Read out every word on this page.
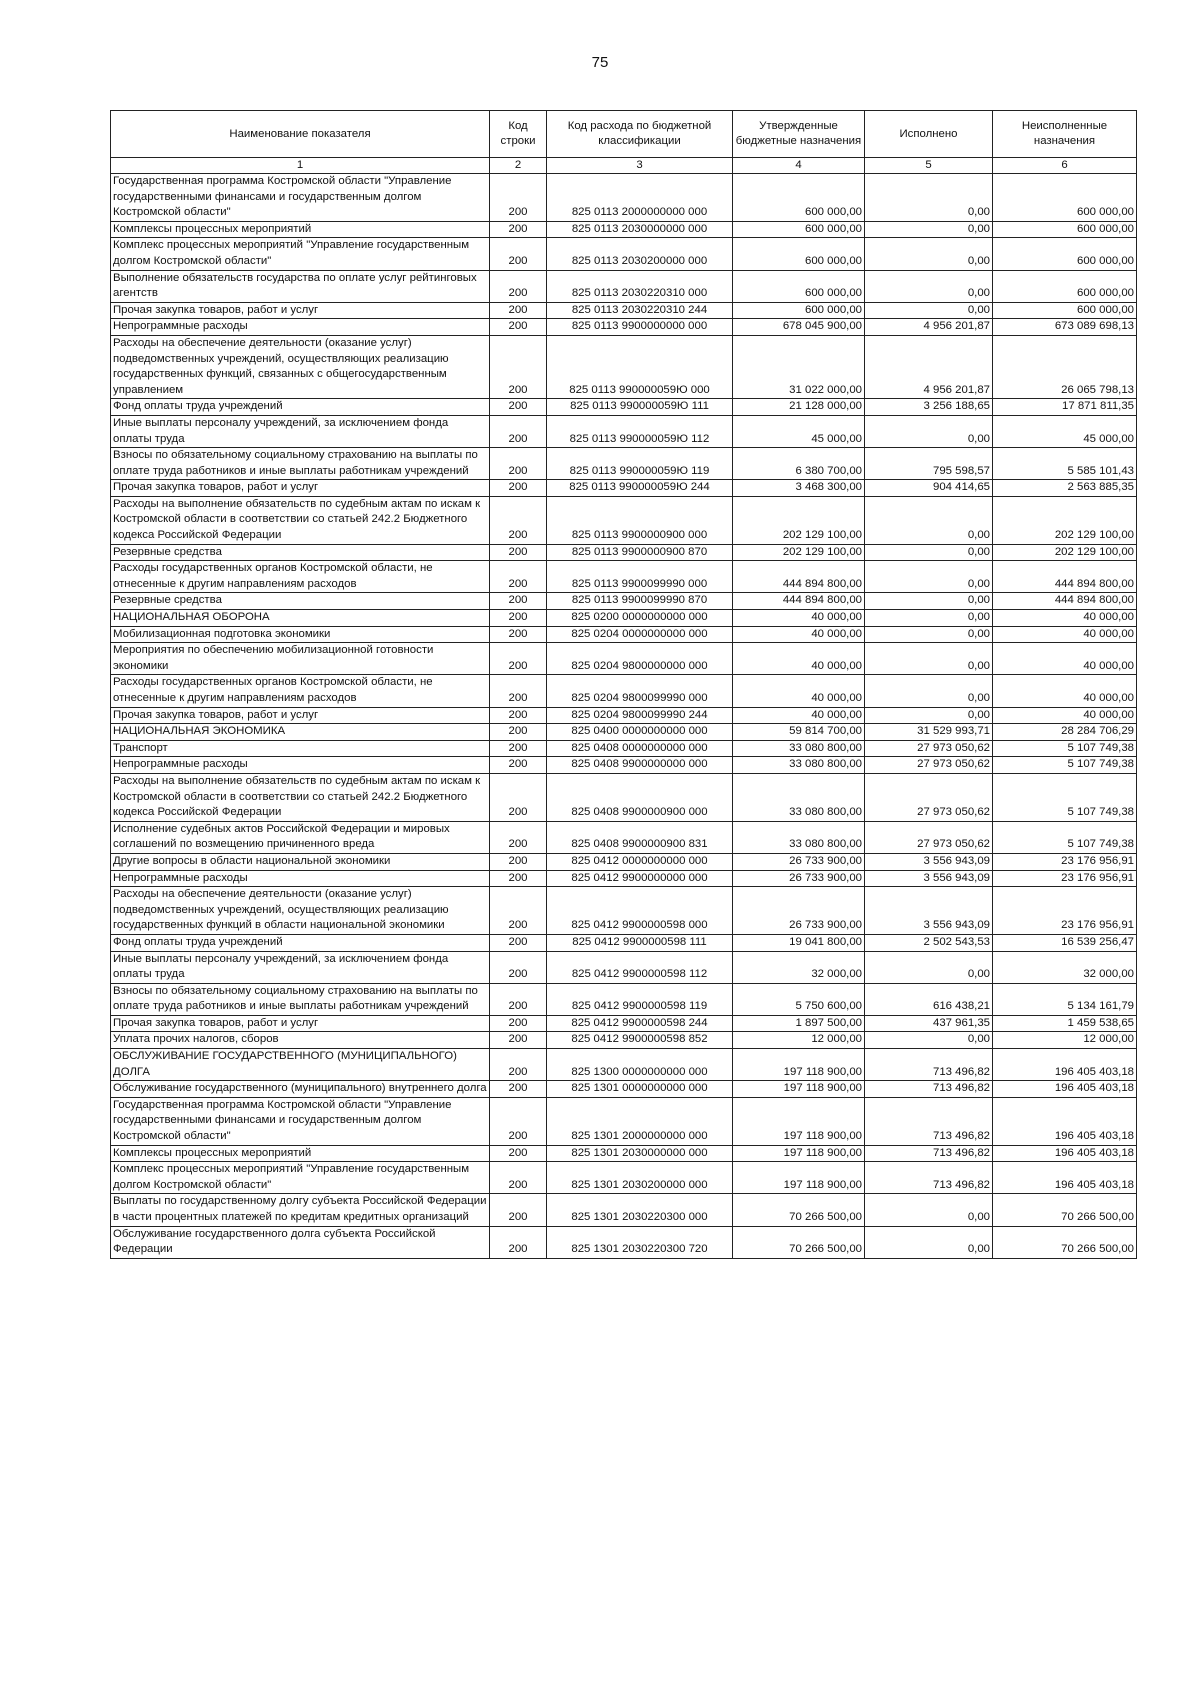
75
Наименование показателя	Код строки	Код расхода по бюджетной классификации	Утвержденные бюджетные назначения	Исполнено	Неисполненные назначения
1	2	3	4	5	6
Государственная программа Костромской области "Управление государственными финансами и государственным долгом Костромской области"	200	825 0113 2000000000 000	600 000,00	0,00	600 000,00
Комплексы процессных мероприятий	200	825 0113 2030000000 000	600 000,00	0,00	600 000,00
Комплекс процессных мероприятий "Управление государственным долгом Костромской области"	200	825 0113 2030200000 000	600 000,00	0,00	600 000,00
Выполнение обязательств государства по оплате услуг рейтинговых агентств	200	825 0113 2030220310 000	600 000,00	0,00	600 000,00
Прочая закупка товаров, работ и услуг	200	825 0113 2030220310 244	600 000,00	0,00	600 000,00
Непрограммные расходы	200	825 0113 9900000000 000	678 045 900,00	4 956 201,87	673 089 698,13
Расходы на обеспечение деятельности (оказание услуг) подведомственных учреждений, осуществляющих реализацию государственных функций, связанных с общегосударственным управлением	200	825 0113 990000059Ю 000	31 022 000,00	4 956 201,87	26 065 798,13
Фонд оплаты труда учреждений	200	825 0113 990000059Ю 111	21 128 000,00	3 256 188,65	17 871 811,35
Иные выплаты персоналу учреждений, за исключением фонда оплаты труда	200	825 0113 990000059Ю 112	45 000,00	0,00	45 000,00
Взносы по обязательному социальному страхованию на выплаты по оплате труда работников и иные выплаты работникам учреждений	200	825 0113 990000059Ю 119	6 380 700,00	795 598,57	5 585 101,43
Прочая закупка товаров, работ и услуг	200	825 0113 990000059Ю 244	3 468 300,00	904 414,65	2 563 885,35
Расходы на выполнение обязательств по судебным актам по искам к Костромской области в соответствии со статьей 242.2 Бюджетного кодекса Российской Федерации	200	825 0113 9900000900 000	202 129 100,00	0,00	202 129 100,00
Резервные средства	200	825 0113 9900000900 870	202 129 100,00	0,00	202 129 100,00
Расходы государственных органов Костромской области, не отнесенные к другим направлениям расходов	200	825 0113 9900099990 000	444 894 800,00	0,00	444 894 800,00
Резервные средства	200	825 0113 9900099990 870	444 894 800,00	0,00	444 894 800,00
НАЦИОНАЛЬНАЯ ОБОРОНА	200	825 0200 0000000000 000	40 000,00	0,00	40 000,00
Мобилизационная подготовка экономики	200	825 0204 0000000000 000	40 000,00	0,00	40 000,00
Мероприятия по обеспечению мобилизационной готовности экономики	200	825 0204 9800000000 000	40 000,00	0,00	40 000,00
Расходы государственных органов Костромской области, не отнесенные к другим направлениям расходов	200	825 0204 9800099990 000	40 000,00	0,00	40 000,00
Прочая закупка товаров, работ и услуг	200	825 0204 9800099990 244	40 000,00	0,00	40 000,00
НАЦИОНАЛЬНАЯ ЭКОНОМИКА	200	825 0400 0000000000 000	59 814 700,00	31 529 993,71	28 284 706,29
Транспорт	200	825 0408 0000000000 000	33 080 800,00	27 973 050,62	5 107 749,38
Непрограммные расходы	200	825 0408 9900000000 000	33 080 800,00	27 973 050,62	5 107 749,38
Расходы на выполнение обязательств по судебным актам по искам к Костромской области в соответствии со статьей 242.2 Бюджетного кодекса Российской Федерации	200	825 0408 9900000900 000	33 080 800,00	27 973 050,62	5 107 749,38
Исполнение судебных актов Российской Федерации и мировых соглашений по возмещению причиненного вреда	200	825 0408 9900000900 831	33 080 800,00	27 973 050,62	5 107 749,38
Другие вопросы в области национальной экономики	200	825 0412 0000000000 000	26 733 900,00	3 556 943,09	23 176 956,91
Непрограммные расходы	200	825 0412 9900000000 000	26 733 900,00	3 556 943,09	23 176 956,91
Расходы на обеспечение деятельности (оказание услуг) подведомственных учреждений, осуществляющих реализацию государственных функций в области национальной экономики	200	825 0412 9900000598 000	26 733 900,00	3 556 943,09	23 176 956,91
Фонд оплаты труда учреждений	200	825 0412 9900000598 111	19 041 800,00	2 502 543,53	16 539 256,47
Иные выплаты персоналу учреждений, за исключением фонда оплаты труда	200	825 0412 9900000598 112	32 000,00	0,00	32 000,00
Взносы по обязательному социальному страхованию на выплаты по оплате труда работников и иные выплаты работникам учреждений	200	825 0412 9900000598 119	5 750 600,00	616 438,21	5 134 161,79
Прочая закупка товаров, работ и услуг	200	825 0412 9900000598 244	1 897 500,00	437 961,35	1 459 538,65
Уплата прочих налогов, сборов	200	825 0412 9900000598 852	12 000,00	0,00	12 000,00
ОБСЛУЖИВАНИЕ ГОСУДАРСТВЕННОГО (МУНИЦИПАЛЬНОГО) ДОЛГА	200	825 1300 0000000000 000	197 118 900,00	713 496,82	196 405 403,18
Обслуживание государственного (муниципального) внутреннего долга	200	825 1301 0000000000 000	197 118 900,00	713 496,82	196 405 403,18
Государственная программа Костромской области "Управление государственными финансами и государственным долгом Костромской области"	200	825 1301 2000000000 000	197 118 900,00	713 496,82	196 405 403,18
Комплексы процессных мероприятий	200	825 1301 2030000000 000	197 118 900,00	713 496,82	196 405 403,18
Комплекс процессных мероприятий "Управление государственным долгом Костромской области"	200	825 1301 2030200000 000	197 118 900,00	713 496,82	196 405 403,18
Выплаты по государственному долгу субъекта Российской Федерации в части процентных платежей по кредитам кредитных организаций	200	825 1301 2030220300 000	70 266 500,00	0,00	70 266 500,00
Обслуживание государственного долга субъекта Российской Федерации	200	825 1301 2030220300 720	70 266 500,00	0,00	70 266 500,00
